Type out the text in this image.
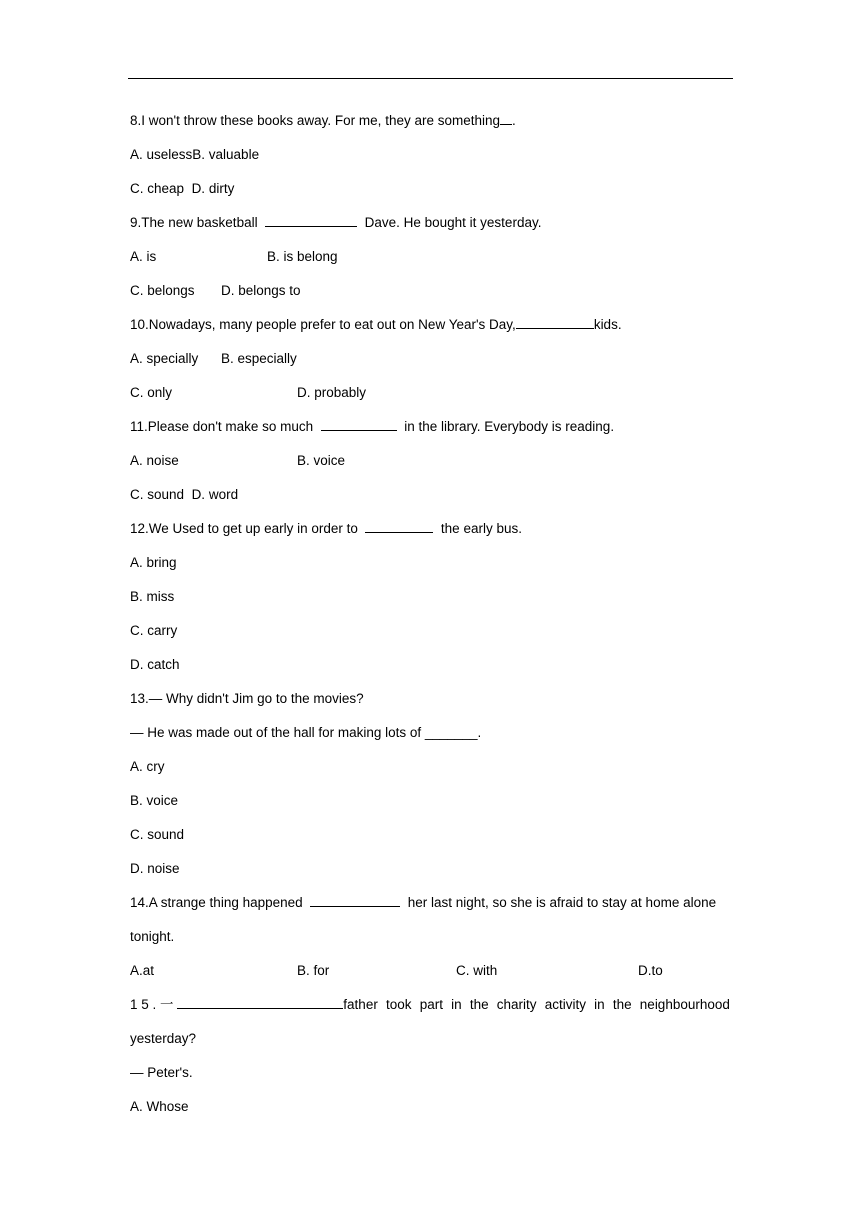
8.I won't throw these books away. For me, they are something .
A. uselessB. valuable
C. cheap D. dirty
9.The new basketball	Dave. He bought it yesterday.
A. is	B. is belong
C. belongs D. belongs to
10.Nowadays, many people prefer to eat out on New Year's Day,	kids.
A. specially B. especially
C. only	D. probably
11.Please don't make so much	in the library. Everybody is reading.
A. noise	B. voice
C. sound D. word
12.We Used to get up early in order to	the early bus.
A. bring
B. miss
C. carry
D. catch
13.— Why didn't Jim go to the movies?
— He was made out of the hall for making lots of _______.
A. cry
B. voice
C. sound
D. noise
14.A strange thing happened	her last night, so she is afraid to stay at home alone
tonight.
A.at	B. for	C. with	D.to
1 5 . 一	father took part in the charity activity in the neighbourhood
yesterday?
— Peter's.
A. Whose
